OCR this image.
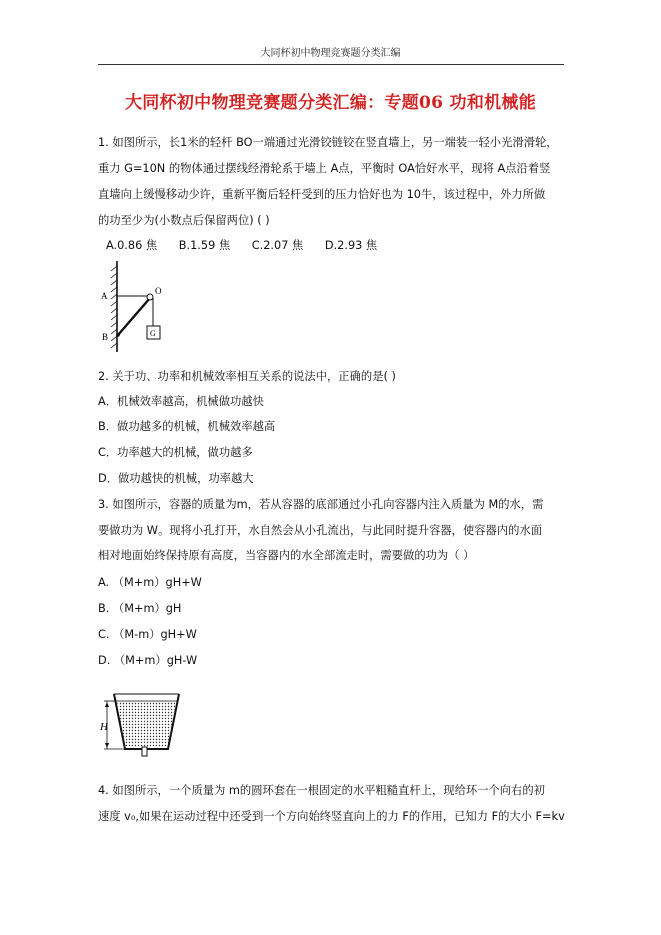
大同杯初中物理竞赛题分类汇编
大同杯初中物理竞赛题分类汇编：专题06 功和机械能
1. 如图所示，长1米的轻杆 BO一端通过光滑铰链铰在竖直墙上，另一端装一轻小光滑滑轮，
重力 G=10N 的物体通过摆线经滑轮系于墙上 A点，平衡时 OA恰好水平，现将 A点沿着竖
直墙向上缓慢移动少许，重新平衡后轻杆受到的压力恰好也为 10牛，该过程中，外力所做
的功至少为(小数点后保留两位) ( )
A.0.86 焦 B.1.59 焦 C.2.07 焦 D.2.93 焦
A
B
O
G
2. 关于功、功率和机械效率相互关系的说法中，正确的是( )
A．机械效率越高，机械做功越快
B．做功越多的机械，机械效率越高
C．功率越大的机械，做功越多
D．做功越快的机械，功率越大
3. 如图所示，容器的质量为m，若从容器的底部通过小孔向容器内注入质量为 M的水，需
要做功为 W。现将小孔打开，水自然会从小孔流出，与此同时提升容器，使容器内的水面
相对地面始终保持原有高度，当容器内的水全部流走时，需要做的功为（ ）
A. （M+m）gH+W
B. （M+m）gH
C. （M-m）gH+W
D. （M+m）gH-W
H
4. 如图所示，一个质量为 m的圆环套在一根固定的水平粗糙直杆上，现给环一个向右的初
速度 v₀,如果在运动过程中还受到一个方向始终竖直向上的力 F的作用，已知力 F的大小 F=kv
